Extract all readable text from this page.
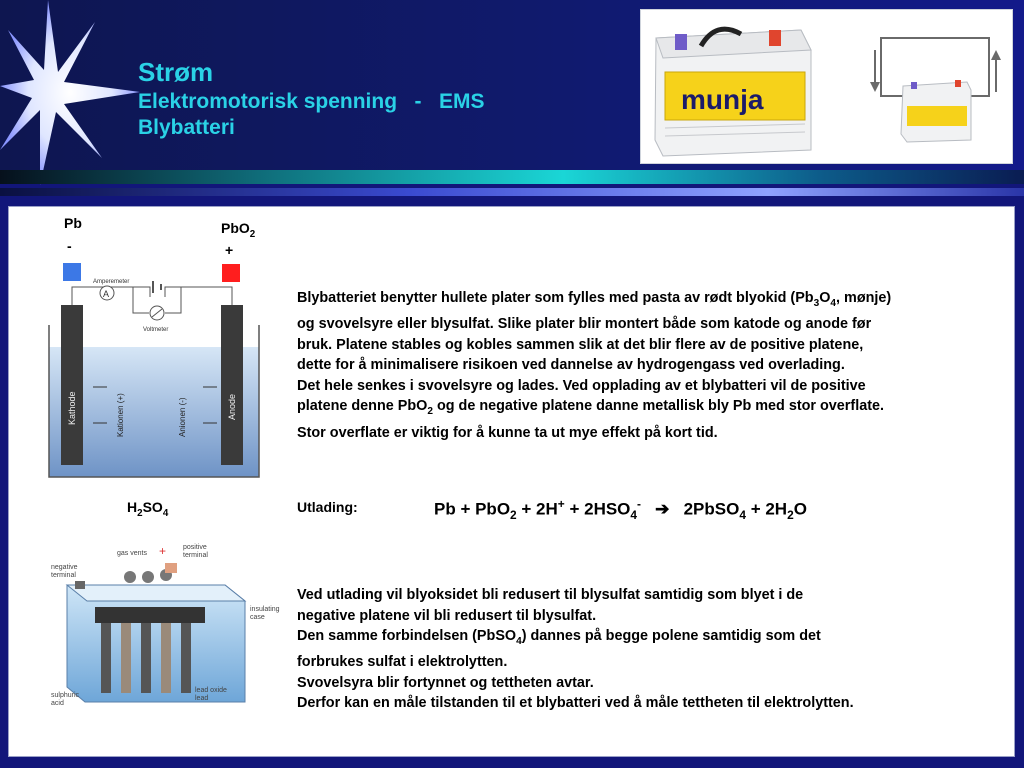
Strøm
Elektromotorisk spenning   -   EMS
Blybatteri
munja
Pb
-
PbO$_2$
+
A
Amperemeter
Voltmeter
Kathode	Anode
Kationen (+)	Anionen (-)
$H_2SO_4$
Blybatteriet benytter hullete plater som fylles med pasta av rødt blyokid ($Pb_3O_4$, mønje)
og svovelsyre eller blysulfat. Slike plater blir montert både som katode og anode før
bruk. Platene stables og kobles sammen slik at det blir flere av de positive platene,
dette for å minimalisere risikoen ved dannelse av hydrogengass ved overlading.
Det hele senkes i svovelsyre og lades. Ved opplading av et blybatteri vil de positive
platene denne PbO$_2$ og de negative platene danne metallisk bly Pb med stor overflate.
Stor overflate er viktig for å kunne ta ut mye effekt på kort tid.
Utlading:	$Pb + PbO_2 + 2H^+ + 2HSO_4^-$ ➔ 2PbSO$_4$ + $2H_2O$
gas vents + positive
terminal
negative
terminal
insulating
case
sulphuric
acid
lead oxide
lead
Ved utlading vil blyoksidet bli redusert til blysulfat samtidig som blyet i de
negative platene vil bli redusert til blysulfat.
Den samme forbindelsen (PbSO$_4$) dannes på begge polene samtidig som det
forbrukes sulfat i elektrolytten.
Svovelsyra blir fortynnet og tettheten avtar.
Derfor kan en måle tilstanden til et blybatteri ved å måle tettheten til elektrolytten.
